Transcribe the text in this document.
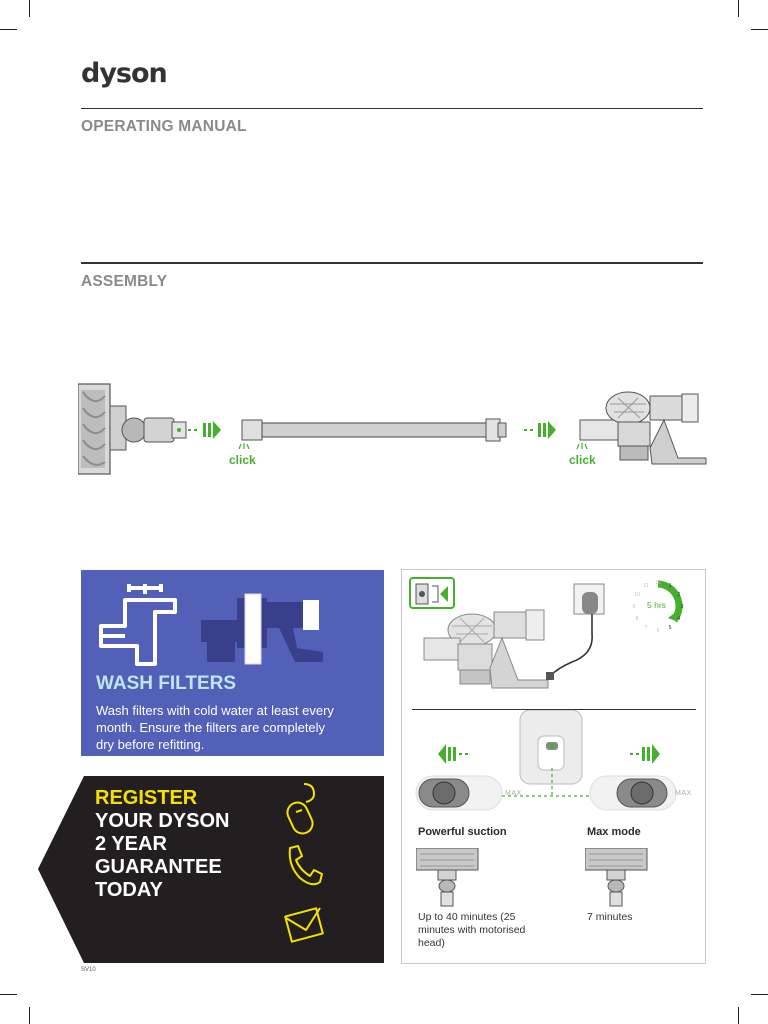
dyson
OPERATING MANUAL
ASSEMBLY
click	click
WASH FILTERS
Wash filters with cold water at least every month. Ensure the filters are completely dry before refitting.
REGISTER
YOUR DYSON
2 YEAR
GUARANTEE
TODAY
12
1
2
3
4
5
6
7
8
9
10
11
5 hrs
MAX	MAX
Powerful suction	Max mode
Up to 40 minutes (25 minutes with motorised head)
7 minutes
SV10
